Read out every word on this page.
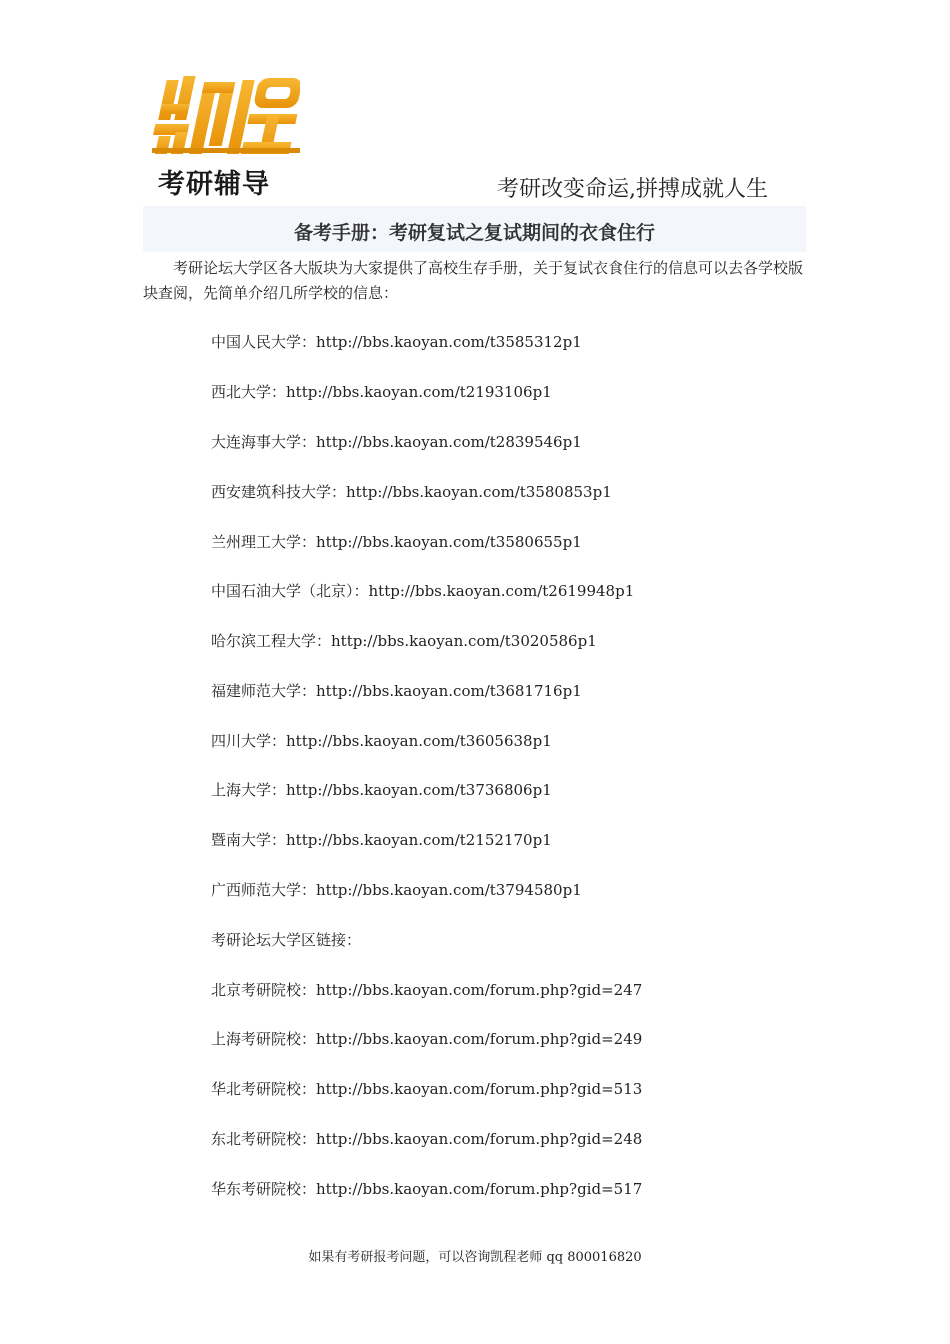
考研辅导	考研改变命运,拼搏成就人生
备考手册：考研复试之复试期间的衣食住行

考研论坛大学区各大版块为大家提供了高校生存手册，关于复试衣食住行的信息可以去各学校版块查阅，先简单介绍几所学校的信息：

中国人民大学：http://bbs.kaoyan.com/t3585312p1
西北大学：http://bbs.kaoyan.com/t2193106p1
大连海事大学：http://bbs.kaoyan.com/t2839546p1
西安建筑科技大学：http://bbs.kaoyan.com/t3580853p1
兰州理工大学：http://bbs.kaoyan.com/t3580655p1
中国石油大学（北京）：http://bbs.kaoyan.com/t2619948p1
哈尔滨工程大学：http://bbs.kaoyan.com/t3020586p1
福建师范大学：http://bbs.kaoyan.com/t3681716p1
四川大学：http://bbs.kaoyan.com/t3605638p1
上海大学：http://bbs.kaoyan.com/t3736806p1
暨南大学：http://bbs.kaoyan.com/t2152170p1
广西师范大学：http://bbs.kaoyan.com/t3794580p1
考研论坛大学区链接：
北京考研院校：http://bbs.kaoyan.com/forum.php?gid=247
上海考研院校：http://bbs.kaoyan.com/forum.php?gid=249
华北考研院校：http://bbs.kaoyan.com/forum.php?gid=513
东北考研院校：http://bbs.kaoyan.com/forum.php?gid=248
华东考研院校：http://bbs.kaoyan.com/forum.php?gid=517
如果有考研报考问题，可以咨询凯程老师 qq 800016820
